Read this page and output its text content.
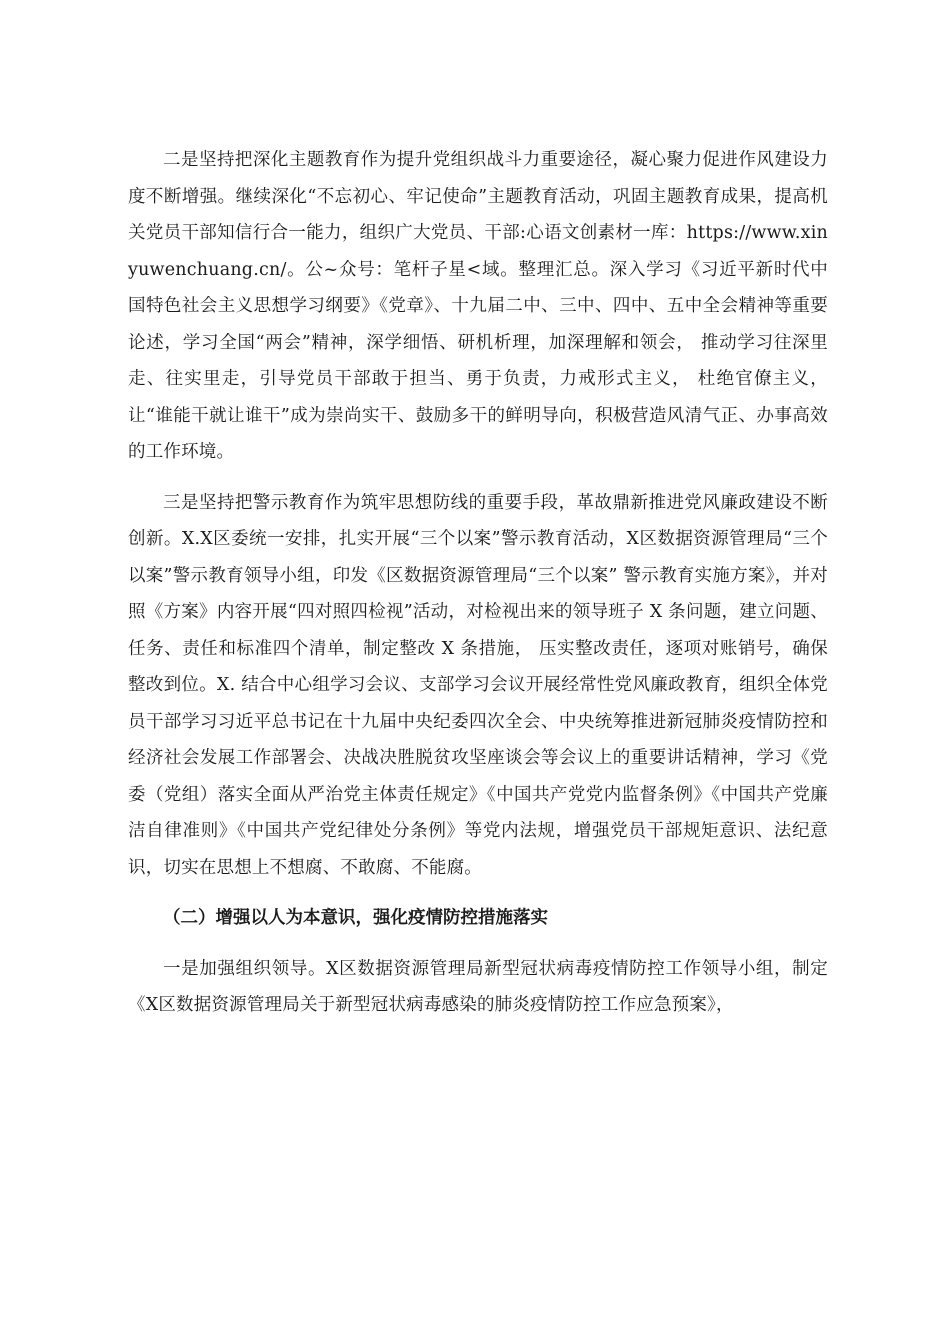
二是坚持把深化主题教育作为提升党组织战斗力重要途径，凝心聚力促进作风建设力度不断增强。继续深化“不忘初心、牢记使命”主题教育活动，巩固主题教育成果，提高机关党员干部知信行合一能力，组织广大党员、干部:心语文创素材一库：https://www.xinyuwenchuang.cn/。公~众号：笔杆子星<域。整理汇总。深入学习《习近平新时代中国特色社会主义思想学习纲要》《党章》、十九届二中、三中、四中、五中全会精神等重要论述，学习全国“两会”精神，深学细悟、研机析理，加深理解和领会， 推动学习往深里走、往实里走，引导党员干部敢于担当、勇于负责，力戒形式主义， 杜绝官僚主义，让“谁能干就让谁干”成为崇尚实干、鼓励多干的鲜明导向，积极营造风清气正、办事高效的工作环境。

三是坚持把警示教育作为筑牢思想防线的重要手段，革故鼎新推进党风廉政建设不断创新。X.X区委统一安排，扎实开展“三个以案”警示教育活动，X区数据资源管理局“三个以案”警示教育领导小组，印发《区数据资源管理局“三个以案” 警示教育实施方案》，并对照《方案》内容开展“四对照四检视”活动，对检视出来的领导班子 X 条问题，建立问题、任务、责任和标准四个清单，制定整改 X 条措施， 压实整改责任，逐项对账销号，确保整改到位。X. 结合中心组学习会议、支部学习会议开展经常性党风廉政教育，组织全体党员干部学习习近平总书记在十九届中央纪委四次全会、中央统筹推进新冠肺炎疫情防控和经济社会发展工作部署会、决战决胜脱贫攻坚座谈会等会议上的重要讲话精神，学习《党委（党组）落实全面从严治党主体责任规定》《中国共产党党内监督条例》《中国共产党廉洁自律准则》《中国共产党纪律处分条例》等党内法规，增强党员干部规矩意识、法纪意识，切实在思想上不想腐、不敢腐、不能腐。

（二）增强以人为本意识，强化疫情防控措施落实

一是加强组织领导。X区数据资源管理局新型冠状病毒疫情防控工作领导小组，制定《X区数据资源管理局关于新型冠状病毒感染的肺炎疫情防控工作应急预案》，
